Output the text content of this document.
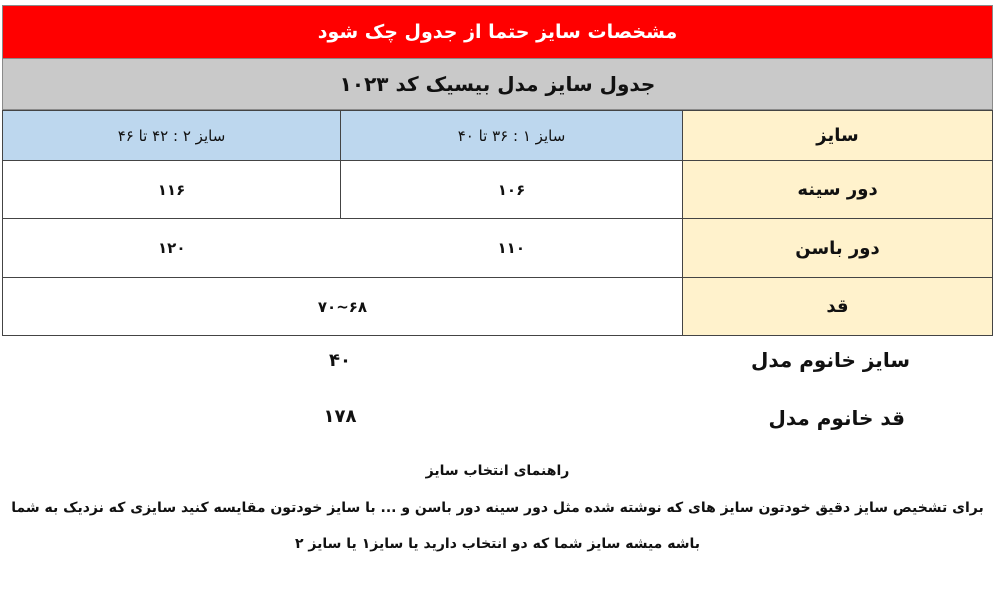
مشخصات سایز حتما از جدول چک شود
جدول سایز مدل بیسیک کد ۱۰۲۳
سایز	سایز ۱ : ۳۶ تا ۴۰	سایز ۲ : ۴۲ تا ۴۶
دور سینه	۱۰۶	۱۱۶
دور باسن	۱۱۰	۱۲۰
قد	۶۸~۷۰	
سایز خانوم مدل
۴۰
قد خانوم مدل
۱۷۸
راهنمای انتخاب سایز
برای تشخیص سایز دقیق خودتون سایز های که نوشته شده مثل دور سینه دور باسن و ... با سایز خودتون مقایسه کنید سایزی که نزدیک به شما
باشه میشه سایز شما که دو انتخاب دارید یا سایز۱ یا سایز ۲
